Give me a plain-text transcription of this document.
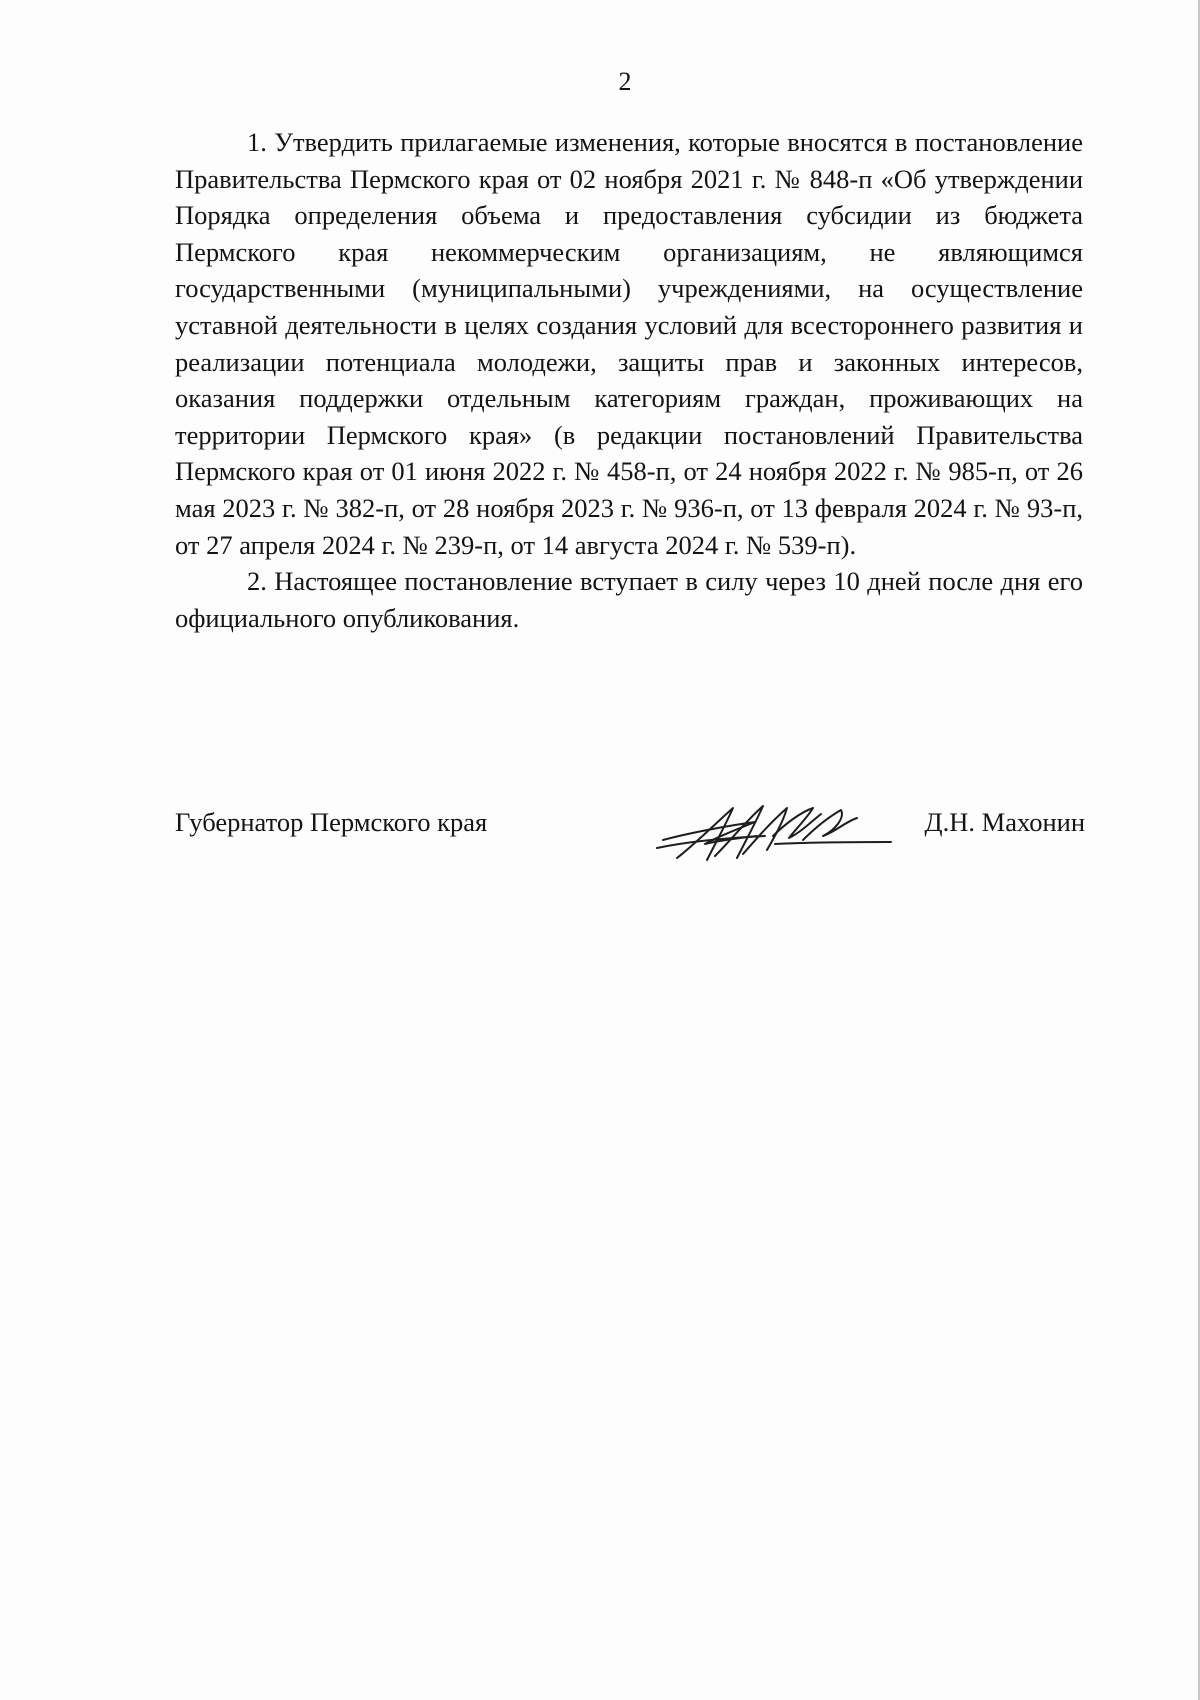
2

1. Утвердить прилагаемые изменения, которые вносятся в постановление Правительства Пермского края от 02 ноября 2021 г. № 848-п «Об утверждении Порядка определения объема и предоставления субсидии из бюджета Пермского края некоммерческим организациям, не являющимся государственными (муниципальными) учреждениями, на осуществление уставной деятельности в целях создания условий для всестороннего развития и реализации потенциала молодежи, защиты прав и законных интересов, оказания поддержки отдельным категориям граждан, проживающих на территории Пермского края» (в редакции постановлений Правительства Пермского края от 01 июня 2022 г. № 458-п, от 24 ноября 2022 г. № 985-п, от 26 мая 2023 г. № 382-п, от 28 ноября 2023 г. № 936-п, от 13 февраля 2024 г. № 93-п, от 27 апреля 2024 г. № 239-п, от 14 августа 2024 г. № 539-п).

2. Настоящее постановление вступает в силу через 10 дней после дня его официального опубликования.

Губернатор Пермского края	Д.Н. Махонин
